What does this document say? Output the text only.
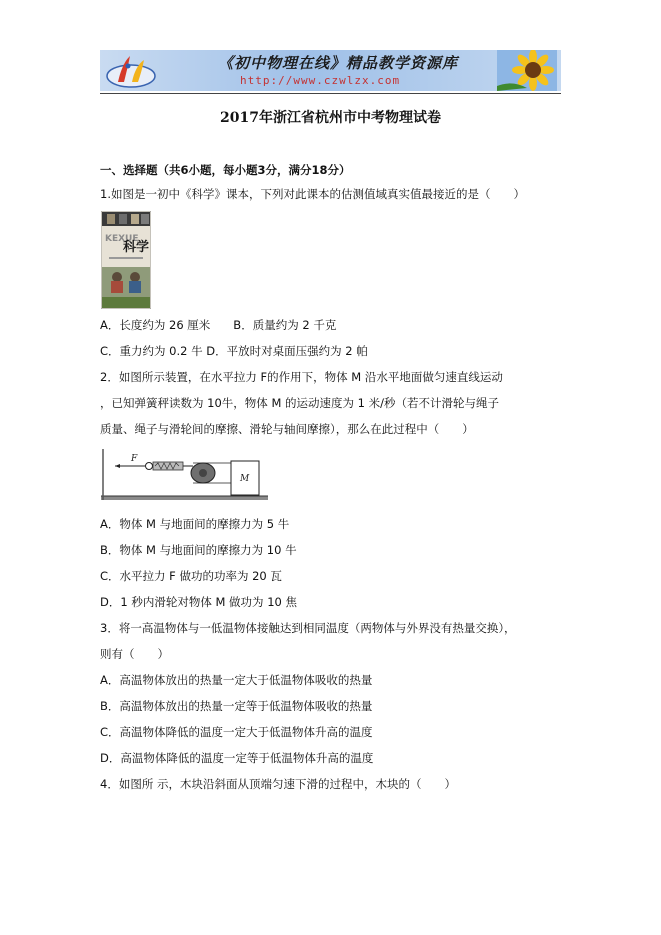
《初中物理在线》精品教学资源库
http://www.czwlzx.com
2017年浙江省杭州市中考物理试卷
一、选择题（共6小题，每小题3分，满分18分）
1.如图是一初中《科学》课本，下列对此课本的估测值域真实值最接近的是（　　）
KEXUE
科学
A．长度约为 26 厘米　　B．质量约为 2 千克
C．重力约为 0.2 牛 D．平放时对桌面压强约为 2 帕
2．如图所示装置，在水平拉力 F的作用下，物体 M 沿水平地面做匀速直线运动
，已知弹簧秤读数为 10牛，物体 M 的运动速度为 1 米/秒（若不计滑轮与绳子
质量、绳子与滑轮间的摩擦、滑轮与轴间摩擦），那么在此过程中（　　）
F
M
A．物体 M 与地面间的摩擦力为 5 牛
B．物体 M 与地面间的摩擦力为 10 牛
C．水平拉力 F 做功的功率为 20 瓦
D．1 秒内滑轮对物体 M 做功为 10 焦
3．将一高温物体与一低温物体接触达到相同温度（两物体与外界没有热量交换），
则有（　　）
A．高温物体放出的热量一定大于低温物体吸收的热量
B．高温物体放出的热量一定等于低温物体吸收的热量
C．高温物体降低的温度一定大于低温物体升高的温度
D．高温物体降低的温度一定等于低温物体升高的温度
4．如图所 示，木块沿斜面从顶端匀速下滑的过程中，木块的（　　）
